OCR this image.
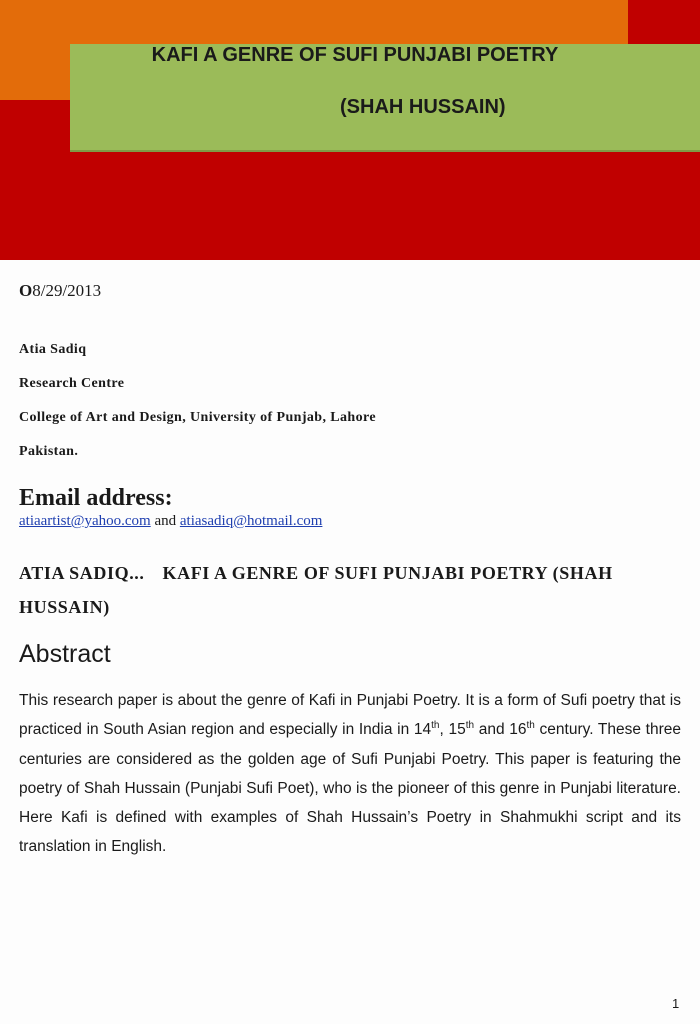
KAFI A GENRE OF SUFI PUNJABI POETRY
(SHAH HUSSAIN)
O8/29/2013
Atia Sadiq
Research Centre
College of Art and Design, University of Punjab, Lahore
Pakistan.
Email address:
atiaartist@yahoo.com and atiasadiq@hotmail.com
ATIA SADIQ... KAFI A GENRE OF SUFI PUNJABI POETRY (SHAH HUSSAIN)
Abstract

This research paper is about the genre of Kafi in Punjabi Poetry. It is a form of Sufi poetry that is practiced in South Asian region and especially in India in 14th, 15th and 16th century. These three centuries are considered as the golden age of Sufi Punjabi Poetry. This paper is featuring the poetry of Shah Hussain (Punjabi Sufi Poet), who is the pioneer of this genre in Punjabi literature. Here Kafi is defined with examples of Shah Hussain’s Poetry in Shahmukhi script and its translation in English.

1
